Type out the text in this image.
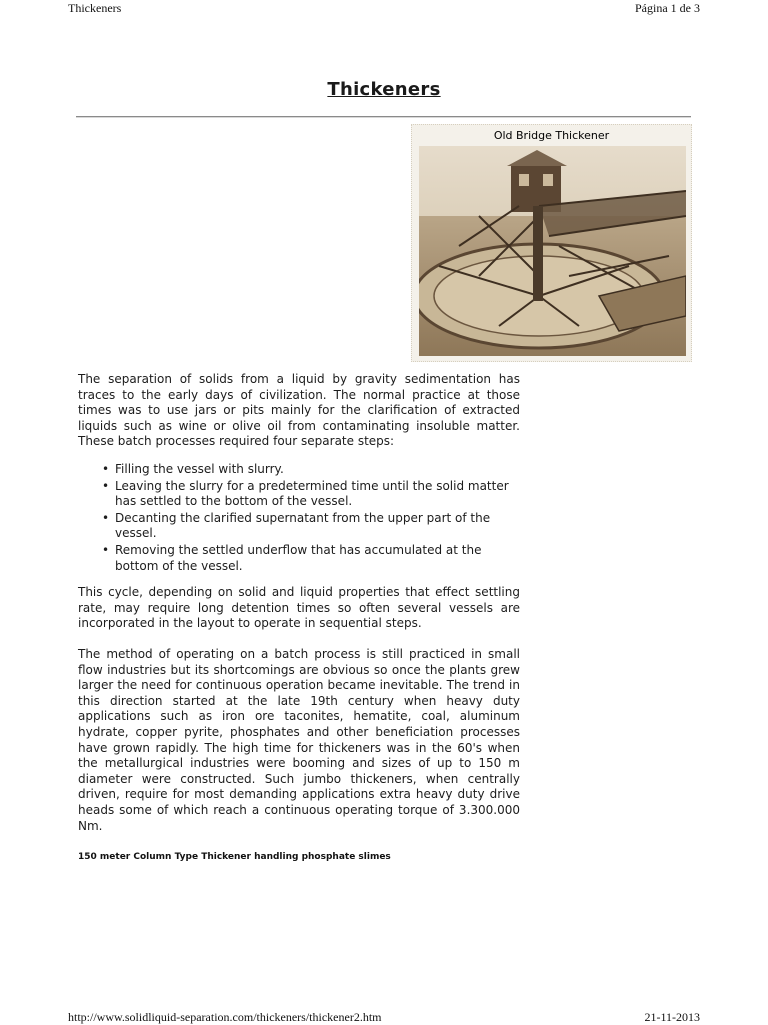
Thickeners	Página 1 de 3
Thickeners
Old Bridge Thickener
The separation of solids from a liquid by gravity sedimentation has traces to the early days of civilization. The normal practice at those times was to use jars or pits mainly for the clarification of extracted liquids such as wine or olive oil from contaminating insoluble matter. These batch processes required four separate steps:
• Filling the vessel with slurry.
• Leaving the slurry for a predetermined time until the solid matter has settled to the bottom of the vessel.
• Decanting the clarified supernatant from the upper part of the vessel.
• Removing the settled underflow that has accumulated at the bottom of the vessel.
This cycle, depending on solid and liquid properties that effect settling rate, may require long detention times so often several vessels are incorporated in the layout to operate in sequential steps.
The method of operating on a batch process is still practiced in small flow industries but its shortcomings are obvious so once the plants grew larger the need for continuous operation became inevitable. The trend in this direction started at the late 19th century when heavy duty applications such as iron ore taconites, hematite, coal, aluminum hydrate, copper pyrite, phosphates and other beneficiation processes have grown rapidly. The high time for thickeners was in the 60's when the metallurgical industries were booming and sizes of up to 150 m diameter were constructed. Such jumbo thickeners, when centrally driven, require for most demanding applications extra heavy duty drive heads some of which reach a continuous operating torque of 3.300.000 Nm.
150 meter Column Type Thickener handling phosphate slimes
http://www.solidliquid-separation.com/thickeners/thickener2.htm	21-11-2013
